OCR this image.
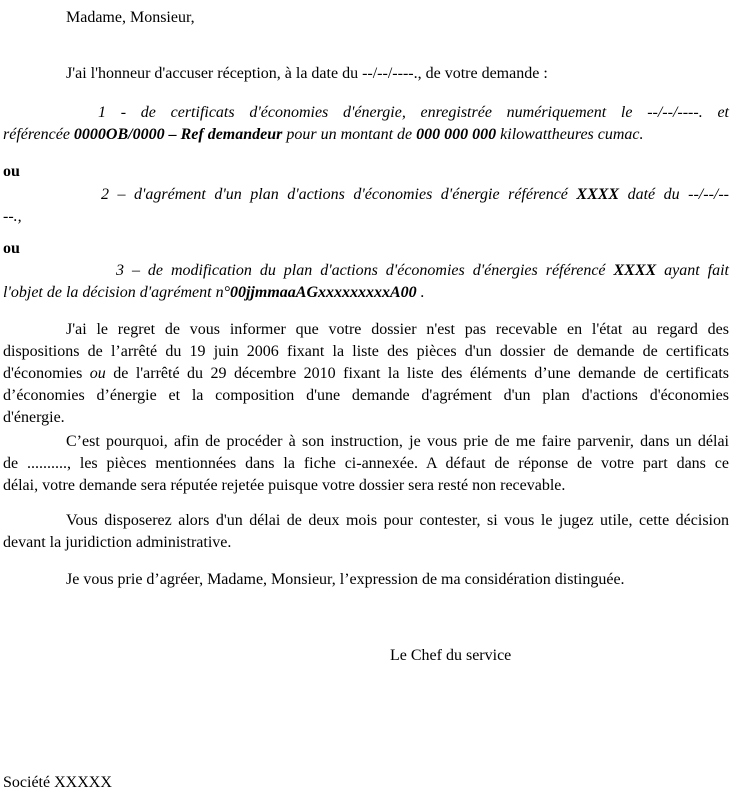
Madame, Monsieur,
J'ai l'honneur d'accuser réception, à la date du --/--/----., de votre demande :
1 - de certificats d'économies d'énergie, enregistrée numériquement le --/--/----. et
référencée 0000OB/0000 – Ref demandeur pour un montant de 000 000 000 kilowattheures cumac.
ou
2 – d'agrément d'un plan d'actions d'économies d'énergie référencé XXXX daté du --/--/--
--.,
ou
3 – de modification du plan d'actions d'économies d'énergies référencé XXXX ayant fait
l'objet de la décision d'agrément n°00jjmmaaAGxxxxxxxxxA00 .
J'ai le regret de vous informer que votre dossier n'est pas recevable en l'état au regard des
dispositions de l’arrêté du 19 juin 2006 fixant la liste des pièces d'un dossier de demande de certificats
d'économies ou de l'arrêté du 29 décembre 2010 fixant la liste des éléments d’une demande de certificats
d’économies d’énergie et la composition d'une demande d'agrément d'un plan d'actions d'économies
d'énergie.
C’est pourquoi, afin de procéder à son instruction, je vous prie de me faire parvenir, dans un délai
de .........., les pièces mentionnées dans la fiche ci-annexée. A défaut de réponse de votre part dans ce
délai, votre demande sera réputée rejetée puisque votre dossier sera resté non recevable.
Vous disposerez alors d'un délai de deux mois pour contester, si vous le jugez utile, cette décision
devant la juridiction administrative.
Je vous prie d’agréer, Madame, Monsieur, l’expression de ma considération distinguée.
Le Chef du service
Société XXXXX
